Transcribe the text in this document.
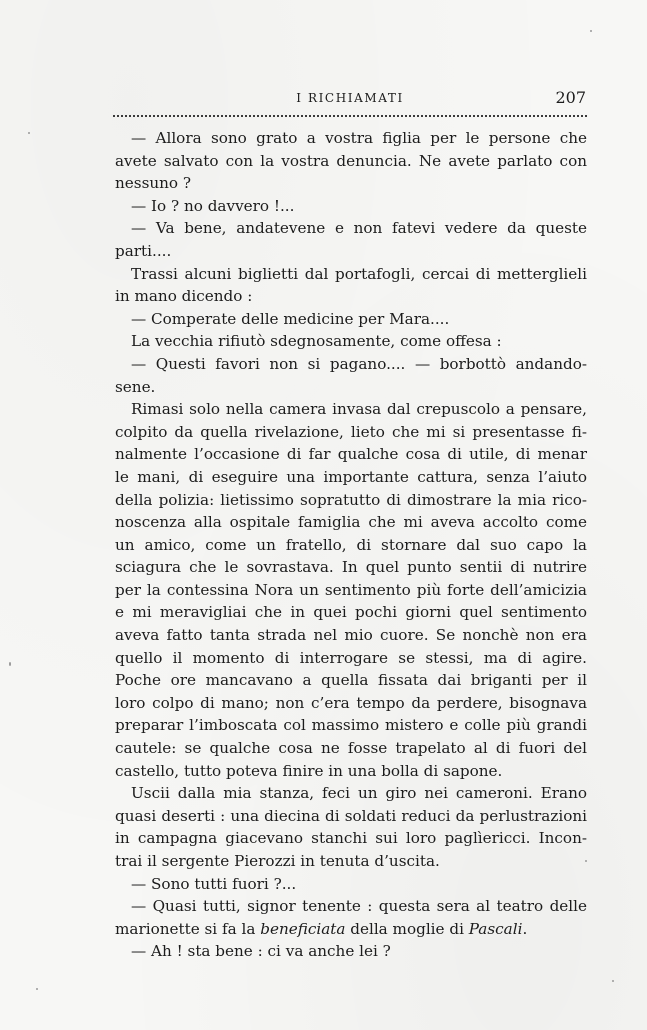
I RICHIAMATI	207
— Allora sono grato a vostra figlia per le persone che
avete salvato con la vostra denuncia. Ne avete parlato con
nessuno ?
— Io ? no davvero !...
— Va bene, andatevene e non fatevi vedere da queste
parti....
Trassi alcuni biglietti dal portafogli, cercai di metterglieli
in mano dicendo :
— Comperate delle medicine per Mara....
La vecchia rifiutò sdegnosamente, come offesa :
— Questi favori non si pagano.... — borbottò andando-
sene.
Rimasi solo nella camera invasa dal crepuscolo a pensare,
colpito da quella rivelazione, lieto che mi si presentasse fi-
nalmente l’occasione di far qualche cosa di utile, di menar
le mani, di eseguire una importante cattura, senza l’aiuto
della polizia: lietissimo sopratutto di dimostrare la mia rico-
noscenza alla ospitale famiglia che mi aveva accolto come
un amico, come un fratello, di stornare dal suo capo la
sciagura che le sovrastava. In quel punto sentii di nutrire
per la contessina Nora un sentimento più forte dell’amicizia
e mi meravigliai che in quei pochi giorni quel sentimento
aveva fatto tanta strada nel mio cuore. Se nonchè non era
quello il momento di interrogare se stessi, ma di agire.
Poche ore mancavano a quella fissata dai briganti per il
loro colpo di mano; non c’era tempo da perdere, bisognava
preparar l’imboscata col massimo mistero e colle più grandi
cautele: se qualche cosa ne fosse trapelato al di fuori del
castello, tutto poteva finire in una bolla di sapone.
Uscii dalla mia stanza, feci un giro nei cameroni. Erano
quasi deserti : una diecina di soldati reduci da perlustrazioni
in campagna giacevano stanchi sui loro paglìericci. Incon-
trai il sergente Pierozzi in tenuta d’uscita.
— Sono tutti fuori ?...
— Quasi tutti, signor tenente : questa sera al teatro delle
marionette si fa la beneficiata della moglie di Pascali.
— Ah ! sta bene : ci va anche lei ?
